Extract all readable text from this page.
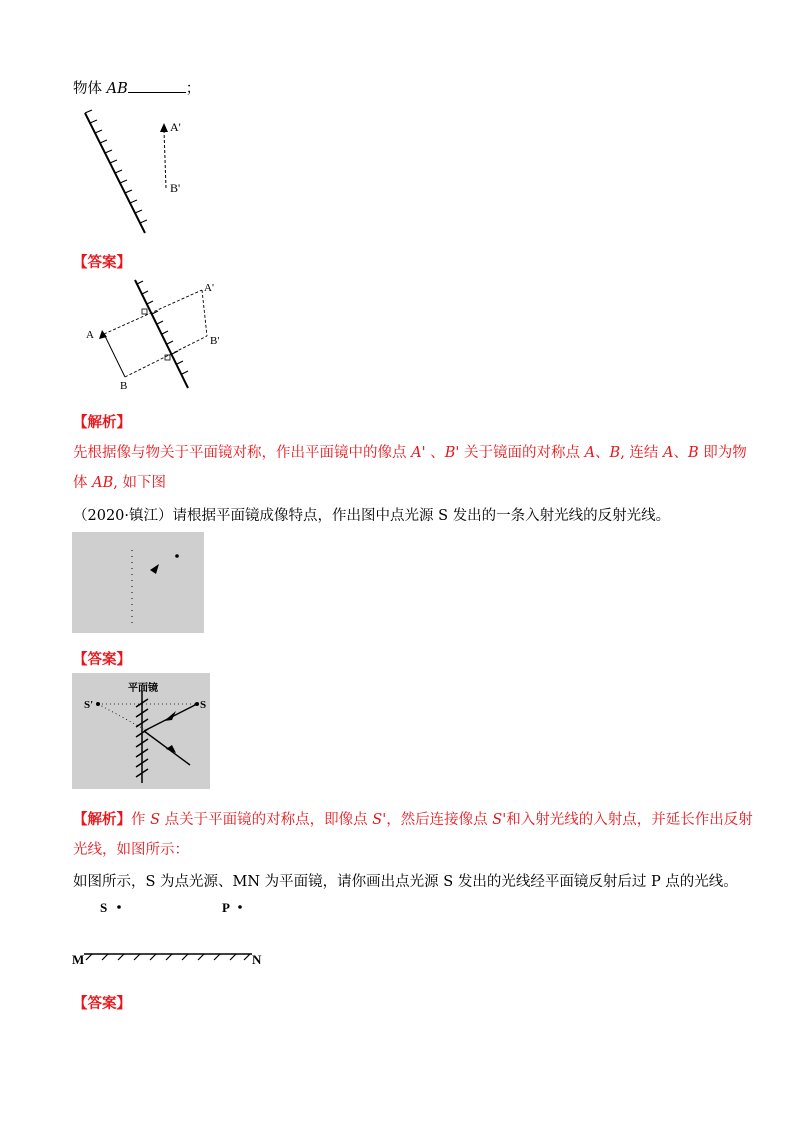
物体 AB	；
A'
B'
【答案】
A
B
A'
B'
【解析】
先根据像与物关于平面镜对称，作出平面镜中的像点 A' 、B' 关于镜面的对称点 A、B, 连结 A、B 即为物
体 AB, 如下图
（2020·镇江）请根据平面镜成像特点，作出图中点光源 S 发出的一条入射光线的反射光线。
【答案】
平面镜
S'	S
【解析】作 S 点关于平面镜的对称点，即像点 S'，然后连接像点 S'和入射光线的入射点，并延长作出反射
光线，如图所示：
如图所示，S 为点光源、MN 为平面镜，请你画出点光源 S 发出的光线经平面镜反射后过 P 点的光线。
S	P
M	N
【答案】
